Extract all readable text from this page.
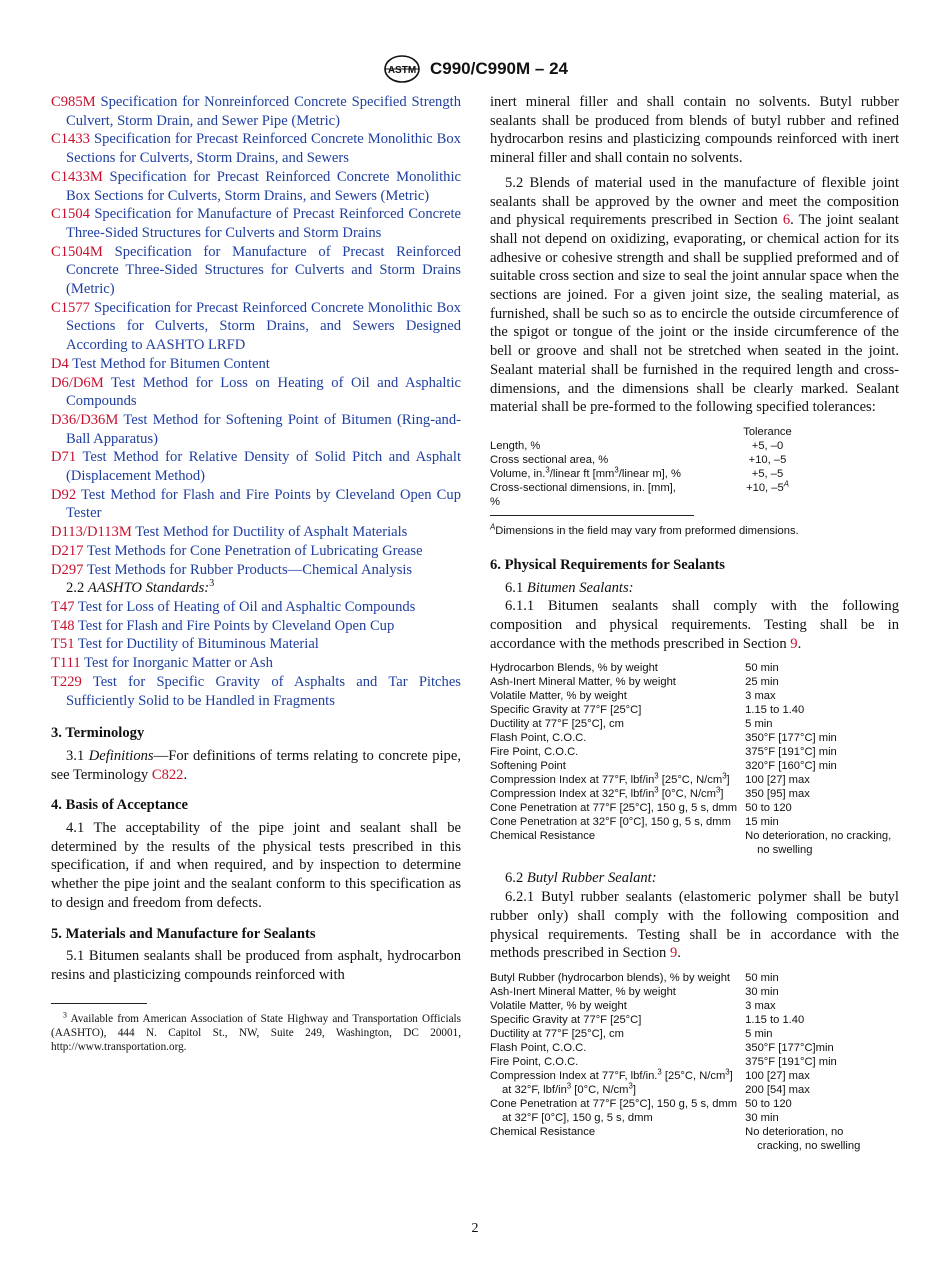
ASTM C990/C990M – 24

C985M Specification for Nonreinforced Concrete Specified Strength Culvert, Storm Drain, and Sewer Pipe (Metric)

C1433 Specification for Precast Reinforced Concrete Monolithic Box Sections for Culverts, Storm Drains, and Sewers

C1433M Specification for Precast Reinforced Concrete Monolithic Box Sections for Culverts, Storm Drains, and Sewers (Metric)

C1504 Specification for Manufacture of Precast Reinforced Concrete Three-Sided Structures for Culverts and Storm Drains

C1504M Specification for Manufacture of Precast Reinforced Concrete Three-Sided Structures for Culverts and Storm Drains (Metric)

C1577 Specification for Precast Reinforced Concrete Monolithic Box Sections for Culverts, Storm Drains, and Sewers Designed According to AASHTO LRFD

D4 Test Method for Bitumen Content

D6/D6M Test Method for Loss on Heating of Oil and Asphaltic Compounds

D36/D36M Test Method for Softening Point of Bitumen (Ring-and-Ball Apparatus)

D71 Test Method for Relative Density of Solid Pitch and Asphalt (Displacement Method)

D92 Test Method for Flash and Fire Points by Cleveland Open Cup Tester

D113/D113M Test Method for Ductility of Asphalt Materials

D217 Test Methods for Cone Penetration of Lubricating Grease

D297 Test Methods for Rubber Products—Chemical Analysis

2.2 AASHTO Standards:$^3$

T47 Test for Loss of Heating of Oil and Asphaltic Compounds

T48 Test for Flash and Fire Points by Cleveland Open Cup

T51 Test for Ductility of Bituminous Material

T111 Test for Inorganic Matter or Ash

T229 Test for Specific Gravity of Asphalts and Tar Pitches Sufficiently Solid to be Handled in Fragments

3. Terminology

3.1 Definitions—For definitions of terms relating to concrete pipe, see Terminology C822.

4. Basis of Acceptance

4.1 The acceptability of the pipe joint and sealant shall be determined by the results of the physical tests prescribed in this specification, if and when required, and by inspection to determine whether the pipe joint and the sealant conform to this specification as to design and freedom from defects.

5. Materials and Manufacture for Sealants

5.1 Bitumen sealants shall be produced from asphalt, hydrocarbon resins and plasticizing compounds reinforced with

$^3$ Available from American Association of State Highway and Transportation Officials (AASHTO), 444 N. Capitol St., NW, Suite 249, Washington, DC 20001, http://www.transportation.org.

inert mineral filler and shall contain no solvents. Butyl rubber sealants shall be produced from blends of butyl rubber and refined hydrocarbon resins and plasticizing compounds reinforced with inert mineral filler and shall contain no solvents.

5.2 Blends of material used in the manufacture of flexible joint sealants shall be approved by the owner and meet the composition and physical requirements prescribed in Section 6. The joint sealant shall not depend on oxidizing, evaporating, or chemical action for its adhesive or cohesive strength and shall be supplied preformed and of suitable cross section and size to seal the joint annular space when the sections are joined. For a given joint size, the sealing material, as furnished, shall be such so as to encircle the outside circumference of the spigot or tongue of the joint or the inside circumference of the bell or groove and shall not be stretched when seated in the joint. Sealant material shall be furnished in the required length and cross-dimensions, and the dimensions shall be clearly marked. Sealant material shall be pre-formed to the following specified tolerances:

	Tolerance
Length, %	+5, –0
Cross sectional area, %	+10, –5
Volume, in.$^3$/linear ft [$mm^3$/linear m], %	+5, –5
Cross-sectional dimensions, in. [mm],	+10, $-5^A$
%	
$^A$Dimensions in the field may vary from preformed dimensions.
6. Physical Requirements for Sealants

6.1 Bitumen Sealants:

6.1.1 Bitumen sealants shall comply with the following composition and physical requirements. Testing shall be in accordance with the methods prescribed in Section 9.

Hydrocarbon Blends, % by weight	50 min
Ash-Inert Mineral Matter, % by weight	25 min
Volatile Matter, % by weight	3 max
Specific Gravity at 77°F [25°C]	1.15 to 1.40
Ductility at 77°F [25°C], cm	5 min
Flash Point, C.O.C.	350°F [177°C] min
Fire Point, C.O.C.	375°F [191°C] min
Softening Point	320°F [160°C] min
Compression Index at 77°F, lbf/$in^3$ [25°C, $N/cm^3$]	100 [27] max
Compression Index at 32°F, lbf/$in^3$ [0°C, $N/cm^3$]	350 [95] max
Cone Penetration at 77°F [25°C], 150 g, 5 s, dmm	50 to 120
Cone Penetration at 32°F [0°C], 150 g, 5 s, dmm	15 min
Chemical Resistance	No deterioration, no cracking,
no swelling

6.2 Butyl Rubber Sealant:

6.2.1 Butyl rubber sealants (elastomeric polymer shall be butyl rubber only) shall comply with the following composition and physical requirements. Testing shall be in accordance with the methods prescribed in Section 9.

Butyl Rubber (hydrocarbon blends), % by weight	50 min
Ash-Inert Mineral Matter, % by weight	30 min
Volatile Matter, % by weight	3 max
Specific Gravity at 77°F [25°C]	1.15 to 1.40
Ductility at 77°F [25°C], cm	5 min
Flash Point, C.O.C.	350°F [177°C]min
Fire Point, C.O.C.	375°F [191°C] min
Compression Index at 77°F, lbf/in.$^3$ [25°C, $N/cm^3$]	100 [27] max
at 32°F, lbf/$in^3$ [0°C, $N/cm^3$]	200 [54] max
Cone Penetration at 77°F [25°C], 150 g, 5 s, dmm	50 to 120
at 32°F [0°C], 150 g, 5 s, dmm	30 min
Chemical Resistance	No deterioration, no
cracking, no swelling
2
